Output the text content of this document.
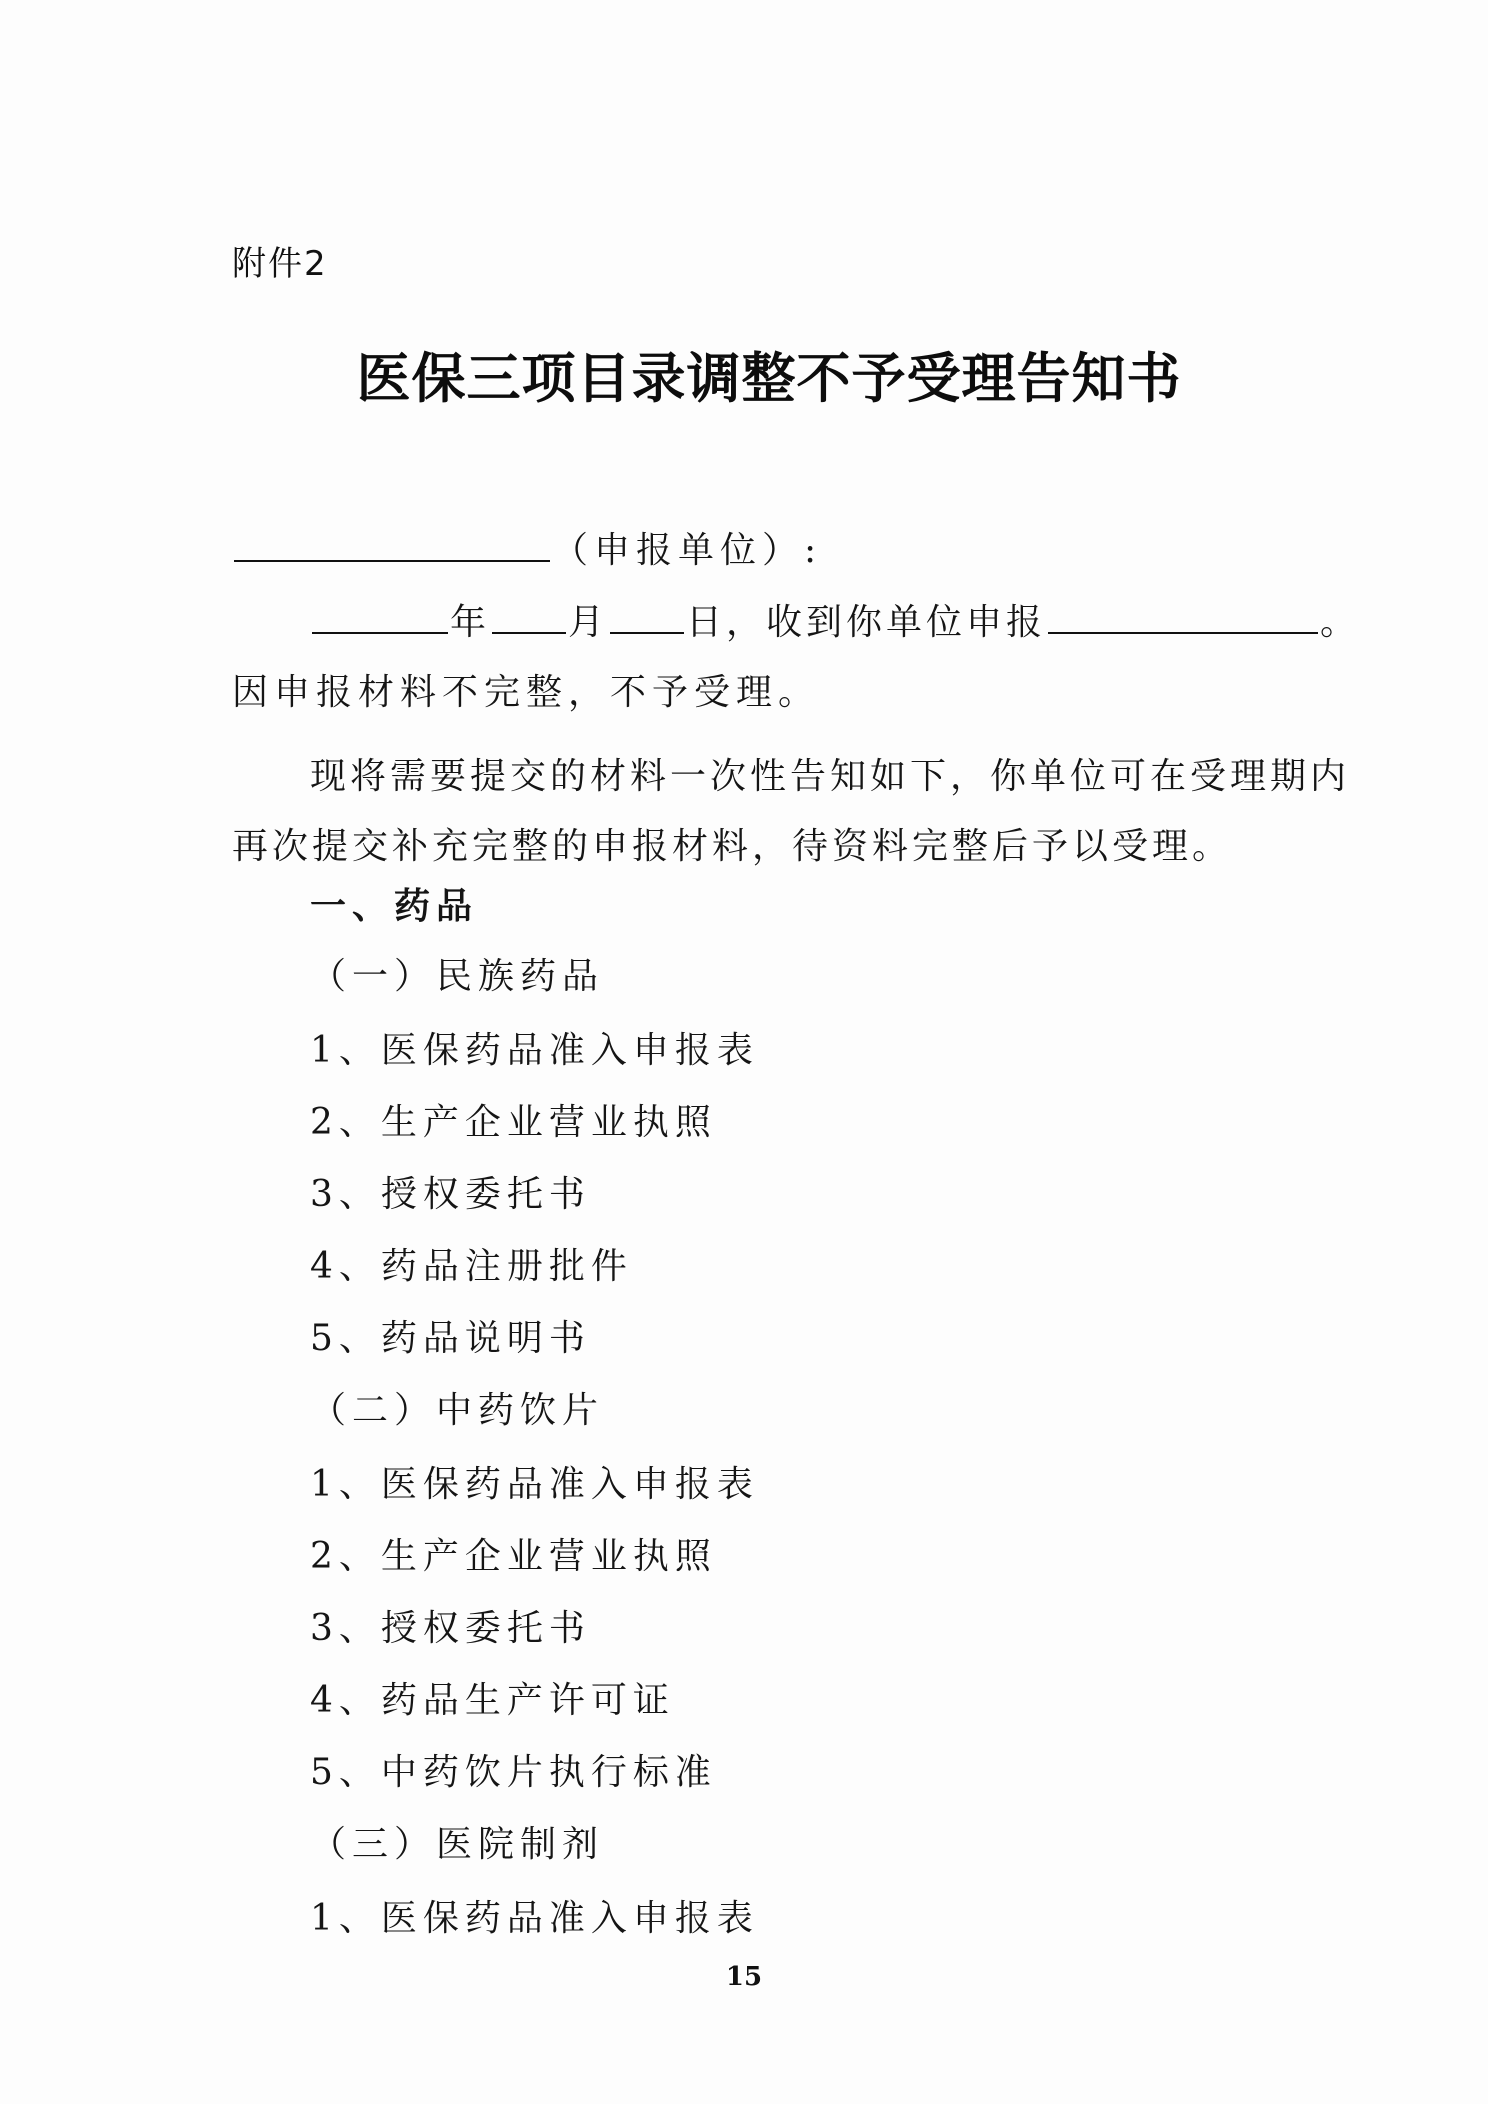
附件2
医保三项目录调整不予受理告知书
（申报单位）:
年 月 日，收到你单位申报	。
因申报材料不完整，不予受理。
现将需要提交的材料一次性告知如下，你单位可在受理期内
再次提交补充完整的申报材料，待资料完整后予以受理。
一、药品
（一）民族药品
1、医保药品准入申报表
2、生产企业营业执照
3、授权委托书
4、药品注册批件
5、药品说明书
（二）中药饮片
1、医保药品准入申报表
2、生产企业营业执照
3、授权委托书
4、药品生产许可证
5、中药饮片执行标准
（三）医院制剂
1、医保药品准入申报表
15
